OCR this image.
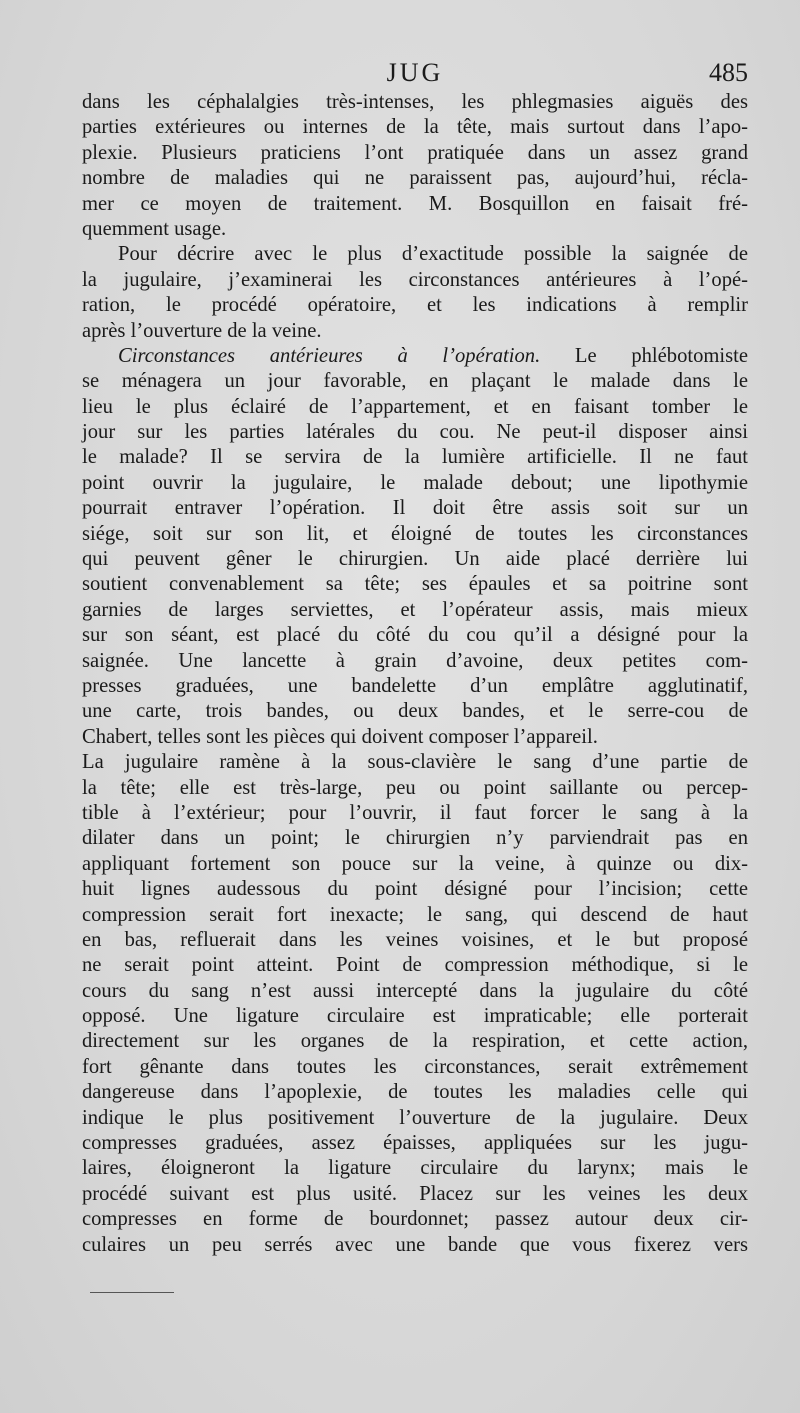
JUG	485
dans les céphalalgies très-intenses, les phlegmasies aiguës des
parties extérieures ou internes de la tête, mais surtout dans l’apo-
plexie. Plusieurs praticiens l’ont pratiquée dans un assez grand
nombre de maladies qui ne paraissent pas, aujourd’hui, récla-
mer ce moyen de traitement. M. Bosquillon en faisait fré-
quemment usage.
Pour décrire avec le plus d’exactitude possible la saignée de
la jugulaire, j’examinerai les circonstances antérieures à l’opé-
ration, le procédé opératoire, et les indications à remplir
après l’ouverture de la veine.
Circonstances antérieures à l’opération. Le phlébotomiste
se ménagera un jour favorable, en plaçant le malade dans le
lieu le plus éclairé de l’appartement, et en faisant tomber le
jour sur les parties latérales du cou. Ne peut-il disposer ainsi
le malade? Il se servira de la lumière artificielle. Il ne faut
point ouvrir la jugulaire, le malade debout; une lipothymie
pourrait entraver l’opération. Il doit être assis soit sur un
siége, soit sur son lit, et éloigné de toutes les circonstances
qui peuvent gêner le chirurgien. Un aide placé derrière lui
soutient convenablement sa tête; ses épaules et sa poitrine sont
garnies de larges serviettes, et l’opérateur assis, mais mieux
sur son séant, est placé du côté du cou qu’il a désigné pour la
saignée. Une lancette à grain d’avoine, deux petites com-
presses graduées, une bandelette d’un emplâtre agglutinatif,
une carte, trois bandes, ou deux bandes, et le serre-cou de
Chabert, telles sont les pièces qui doivent composer l’appareil.
La jugulaire ramène à la sous-clavière le sang d’une partie de
la tête; elle est très-large, peu ou point saillante ou percep-
tible à l’extérieur; pour l’ouvrir, il faut forcer le sang à la
dilater dans un point; le chirurgien n’y parviendrait pas en
appliquant fortement son pouce sur la veine, à quinze ou dix-
huit lignes audessous du point désigné pour l’incision; cette
compression serait fort inexacte; le sang, qui descend de haut
en bas, refluerait dans les veines voisines, et le but proposé
ne serait point atteint. Point de compression méthodique, si le
cours du sang n’est aussi intercepté dans la jugulaire du côté
opposé. Une ligature circulaire est impraticable; elle porterait
directement sur les organes de la respiration, et cette action,
fort gênante dans toutes les circonstances, serait extrêmement
dangereuse dans l’apoplexie, de toutes les maladies celle qui
indique le plus positivement l’ouverture de la jugulaire. Deux
compresses graduées, assez épaisses, appliquées sur les jugu-
laires, éloigneront la ligature circulaire du larynx; mais le
procédé suivant est plus usité. Placez sur les veines les deux
compresses en forme de bourdonnet; passez autour deux cir-
culaires un peu serrés avec une bande que vous fixerez vers
